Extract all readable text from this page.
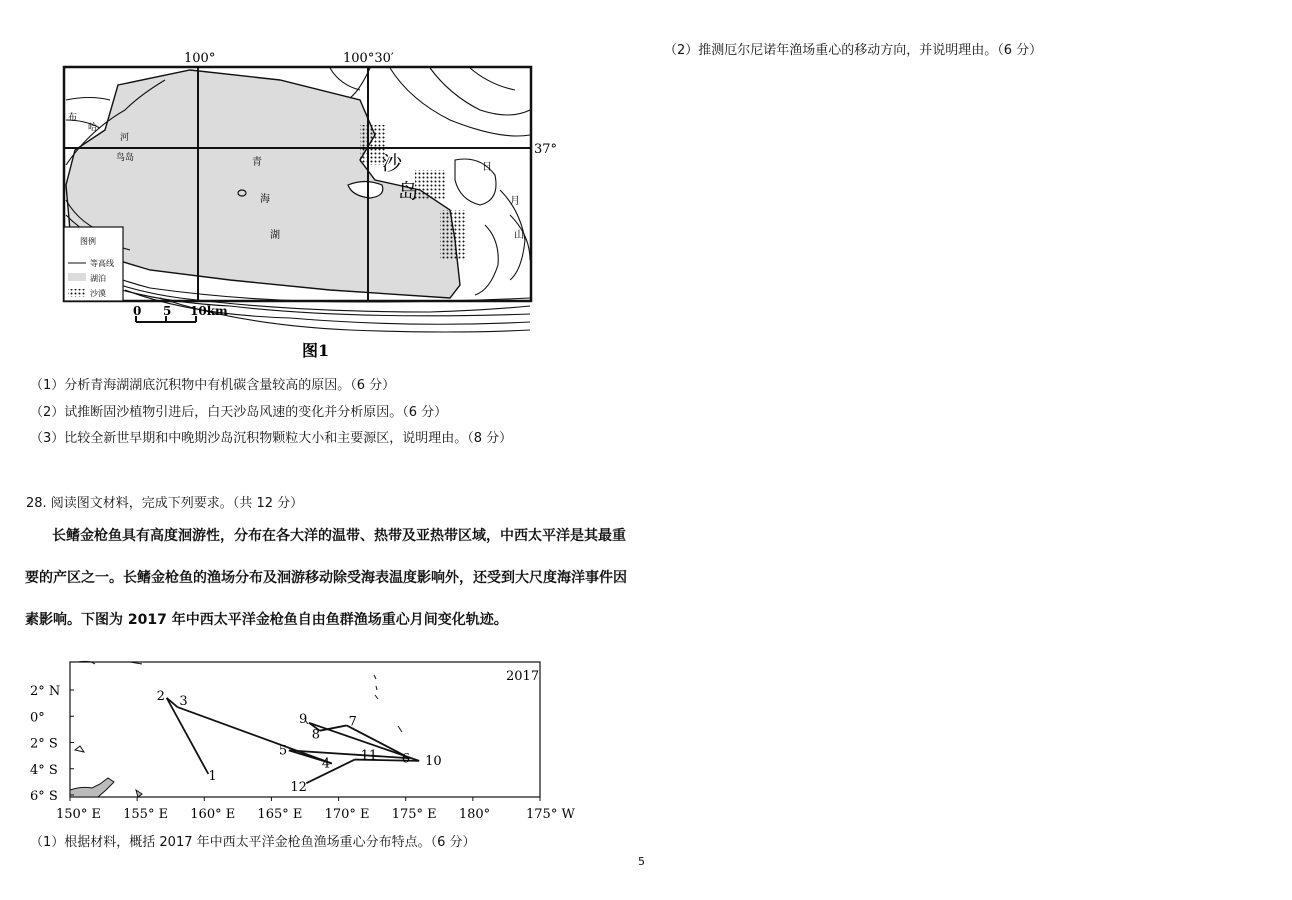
100°	100°30′
37°
布
哈
河
鸟岛	青
海
湖
沙
岛
日
月
山
图例
等高线
湖泊
沙漠
0 5 10km
图1
（1）分析青海湖湖底沉积物中有机碳含量较高的原因。（6 分）
（2）试推断固沙植物引进后，白天沙岛风速的变化并分析原因。（6 分）
（3）比较全新世早期和中晚期沙岛沉积物颗粒大小和主要源区，说明理由。（8 分）
28. 阅读图文材料，完成下列要求。（共 12 分）
长鳍金枪鱼具有高度洄游性，分布在各大洋的温带、热带及亚热带区域，中西太平洋是其最重
要的产区之一。长鳍金枪鱼的渔场分布及洄游移动除受海表温度影响外，还受到大尺度海洋事件因
素影响。下图为 2017 年中西太平洋金枪鱼自由鱼群渔场重心月间变化轨迹。
2017
150° E 155° E 160° E 165° E 170° E 175° E 180°	175° W
2° N
0°
2° S
4° S
6° S
1
2 3
4
5
6
7
8
9
10
11
12
（1）根据材料，概括 2017 年中西太平洋金枪鱼渔场重心分布特点。（6 分）
5
（2）推测厄尔尼诺年渔场重心的移动方向，并说明理由。（6 分）
